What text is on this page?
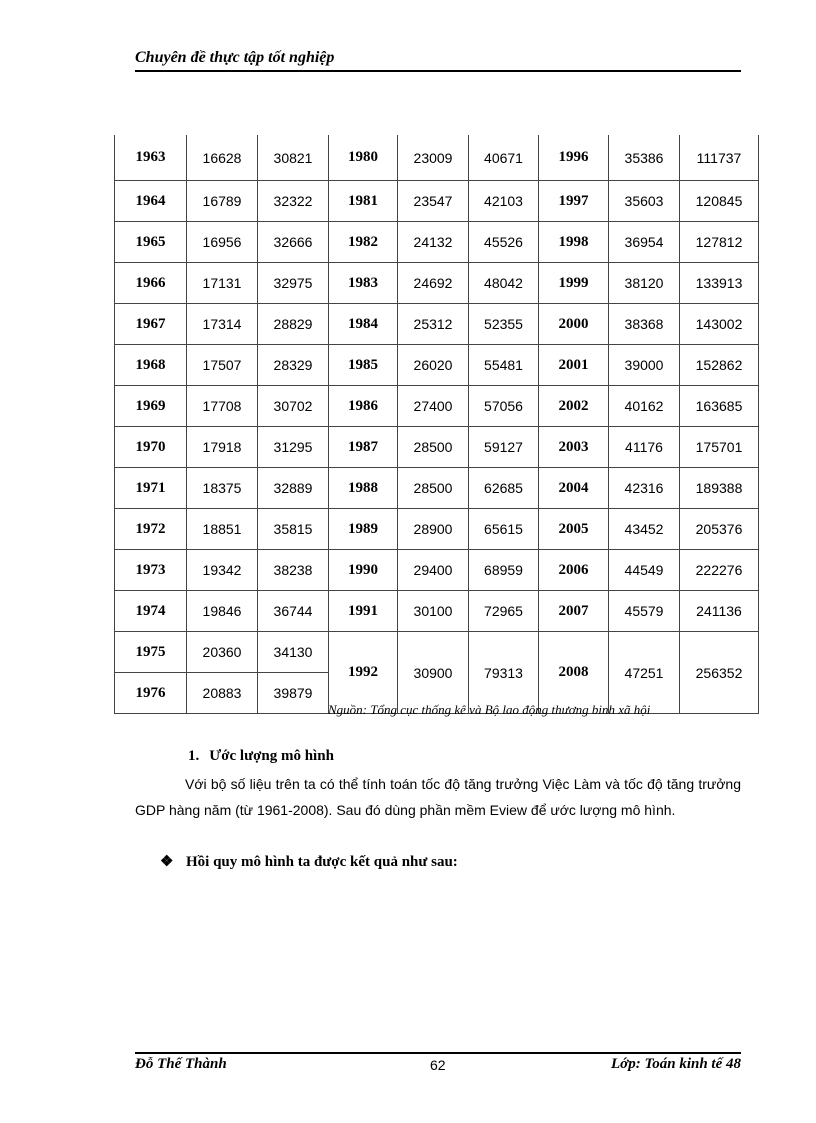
Chuyên đề thực tập tốt nghiệp
1963	16628	30821	1980	23009	40671	1996	35386	111737
1964	16789	32322	1981	23547	42103	1997	35603	120845
1965	16956	32666	1982	24132	45526	1998	36954	127812
1966	17131	32975	1983	24692	48042	1999	38120	133913
1967	17314	28829	1984	25312	52355	2000	38368	143002
1968	17507	28329	1985	26020	55481	2001	39000	152862
1969	17708	30702	1986	27400	57056	2002	40162	163685
1970	17918	31295	1987	28500	59127	2003	41176	175701
1971	18375	32889	1988	28500	62685	2004	42316	189388
1972	18851	35815	1989	28900	65615	2005	43452	205376
1973	19342	38238	1990	29400	68959	2006	44549	222276
1974	19846	36744	1991	30100	72965	2007	45579	241136
1975	20360	34130	1992	30900	79313	2008	47251	256352
1976	20883	39879						
Nguồn: Tổng cục thống kê và Bộ lao động thương binh xã hội
1. Ước lượng mô hình
Với bộ số liệu trên ta có thể tính toán tốc độ tăng trưởng Việc Làm và tốc độ tăng trưởng GDP hàng năm (từ 1961-2008). Sau đó dùng phần mềm Eview để ước lượng mô hình.
❖ Hồi quy mô hình ta được kết quả như sau:
Đỗ Thế Thành	62	Lớp: Toán kinh tế 48
